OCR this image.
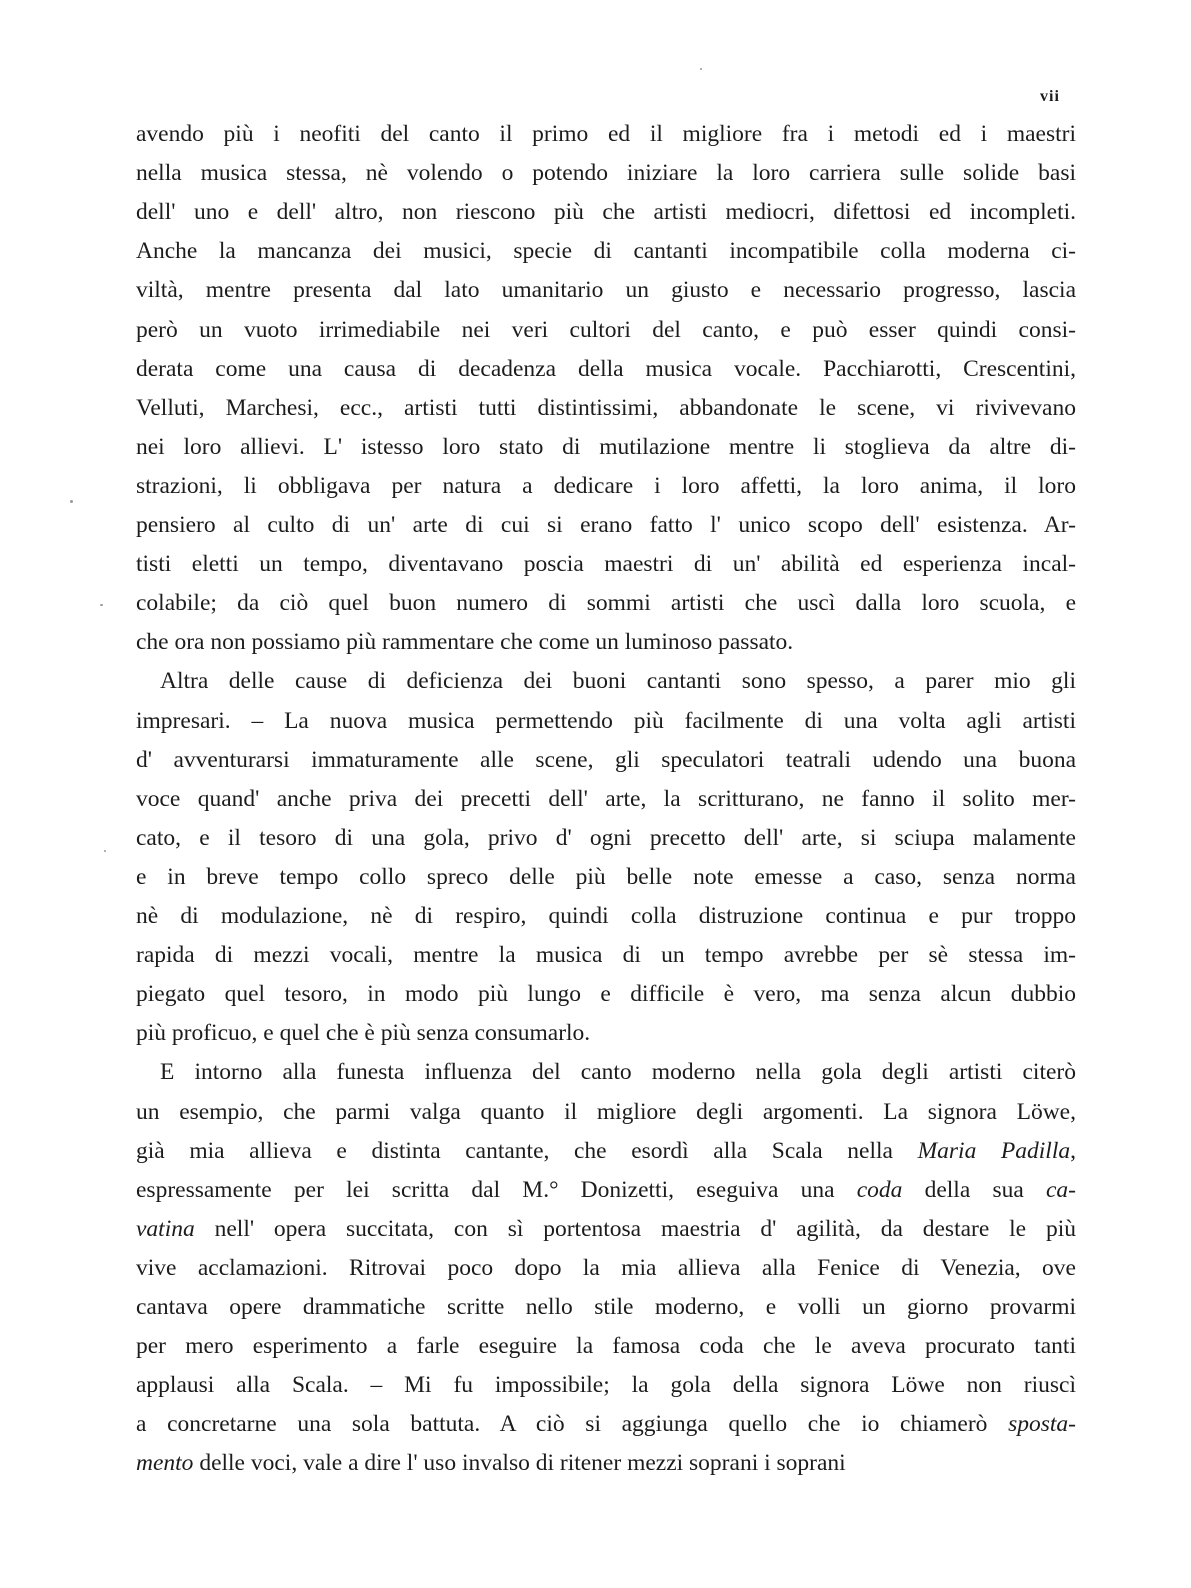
vii
avendo più i neofiti del canto il primo ed il migliore fra i metodi ed i maestri
nella musica stessa, nè volendo o potendo iniziare la loro carriera sulle solide basi
dell' uno e dell' altro, non riescono più che artisti mediocri, difettosi ed incompleti.
Anche la mancanza dei musici, specie di cantanti incompatibile colla moderna ci-
viltà, mentre presenta dal lato umanitario un giusto e necessario progresso, lascia
però un vuoto irrimediabile nei veri cultori del canto, e può esser quindi consi-
derata come una causa di decadenza della musica vocale. Pacchiarotti, Crescentini,
Velluti, Marchesi, ecc., artisti tutti distintissimi, abbandonate le scene, vi rivivevano
nei loro allievi. L' istesso loro stato di mutilazione mentre li stoglieva da altre di-
strazioni, li obbligava per natura a dedicare i loro affetti, la loro anima, il loro
pensiero al culto di un' arte di cui si erano fatto l' unico scopo dell' esistenza. Ar-
tisti eletti un tempo, diventavano poscia maestri di un' abilità ed esperienza incal-
colabile; da ciò quel buon numero di sommi artisti che uscì dalla loro scuola, e
che ora non possiamo più rammentare che come un luminoso passato.
Altra delle cause di deficienza dei buoni cantanti sono spesso, a parer mio gli
impresari. – La nuova musica permettendo più facilmente di una volta agli artisti
d' avventurarsi immaturamente alle scene, gli speculatori teatrali udendo una buona
voce quand' anche priva dei precetti dell' arte, la scritturano, ne fanno il solito mer-
cato, e il tesoro di una gola, privo d' ogni precetto dell' arte, si sciupa malamente
e in breve tempo collo spreco delle più belle note emesse a caso, senza norma
nè di modulazione, nè di respiro, quindi colla distruzione continua e pur troppo
rapida di mezzi vocali, mentre la musica di un tempo avrebbe per sè stessa im-
piegato quel tesoro, in modo più lungo e difficile è vero, ma senza alcun dubbio
più proficuo, e quel che è più senza consumarlo.
E intorno alla funesta influenza del canto moderno nella gola degli artisti citerò
un esempio, che parmi valga quanto il migliore degli argomenti. La signora Löwe,
già mia allieva e distinta cantante, che esordì alla Scala nella Maria Padilla,
espressamente per lei scritta dal M.° Donizetti, eseguiva una coda della sua ca-
vatina nell' opera succitata, con sì portentosa maestria d' agilità, da destare le più
vive acclamazioni. Ritrovai poco dopo la mia allieva alla Fenice di Venezia, ove
cantava opere drammatiche scritte nello stile moderno, e volli un giorno provarmi
per mero esperimento a farle eseguire la famosa coda che le aveva procurato tanti
applausi alla Scala. – Mi fu impossibile; la gola della signora Löwe non riuscì
a concretarne una sola battuta. A ciò si aggiunga quello che io chiamerò sposta-
mento delle voci, vale a dire l' uso invalso di ritener mezzi soprani i soprani
